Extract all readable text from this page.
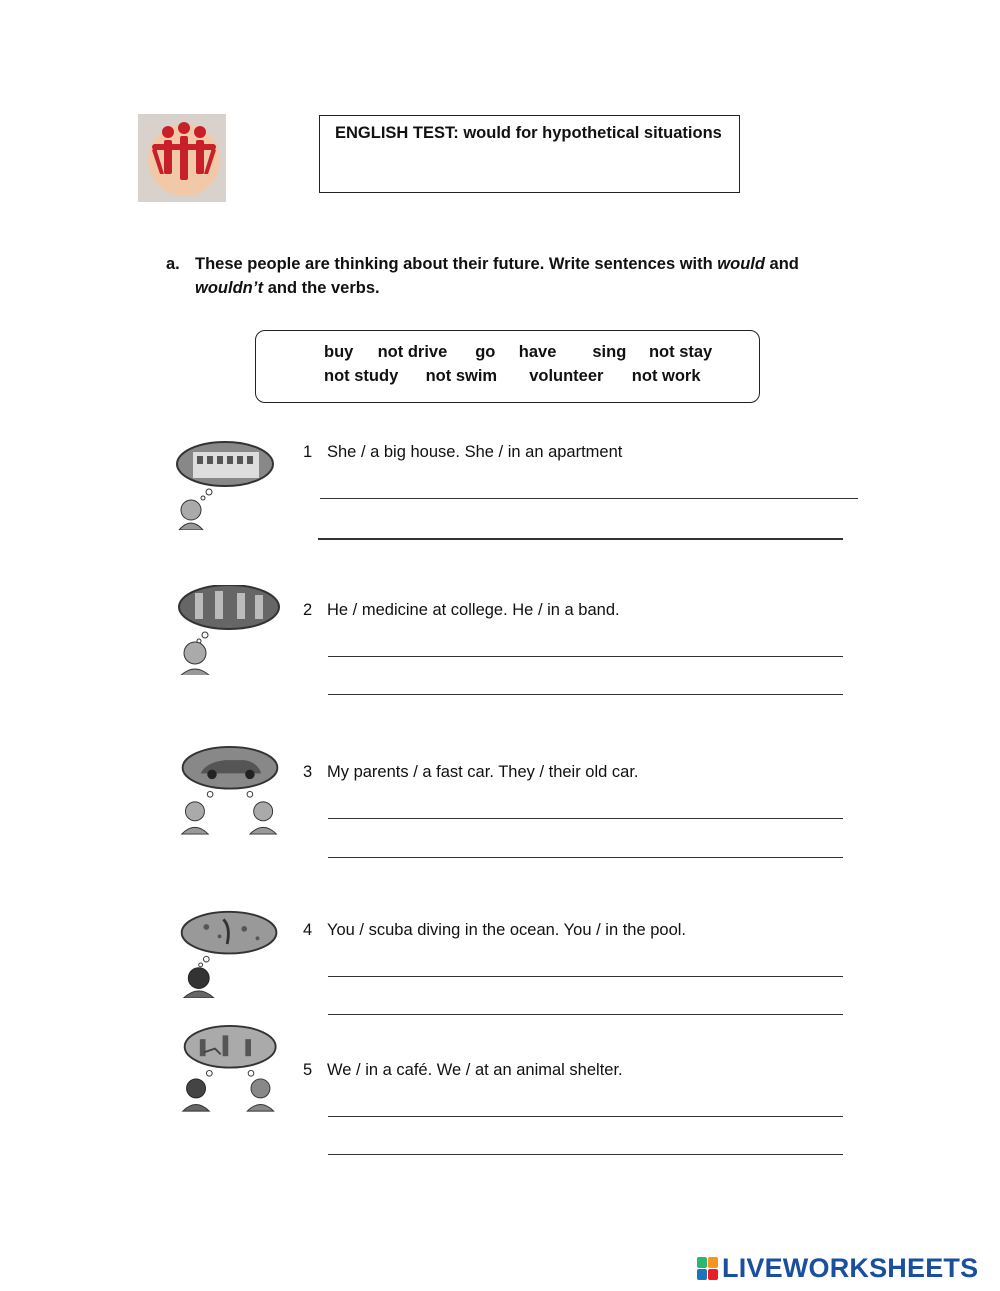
ENGLISH TEST: would for hypothetical situations
a. These people are thinking about their future. Write sentences with would and
wouldn’t and the verbs.
buy not drive go have sing not stay
not study not swim volunteer not work
1 She / a big house. She / in an apartment
2 He / medicine at college. He / in a band.
3 My parents / a fast car. They / their old car.
4 You / scuba diving in the ocean. You / in the pool.
5 We / in a café. We / at an animal shelter.
LIVEWORKSHEETS
